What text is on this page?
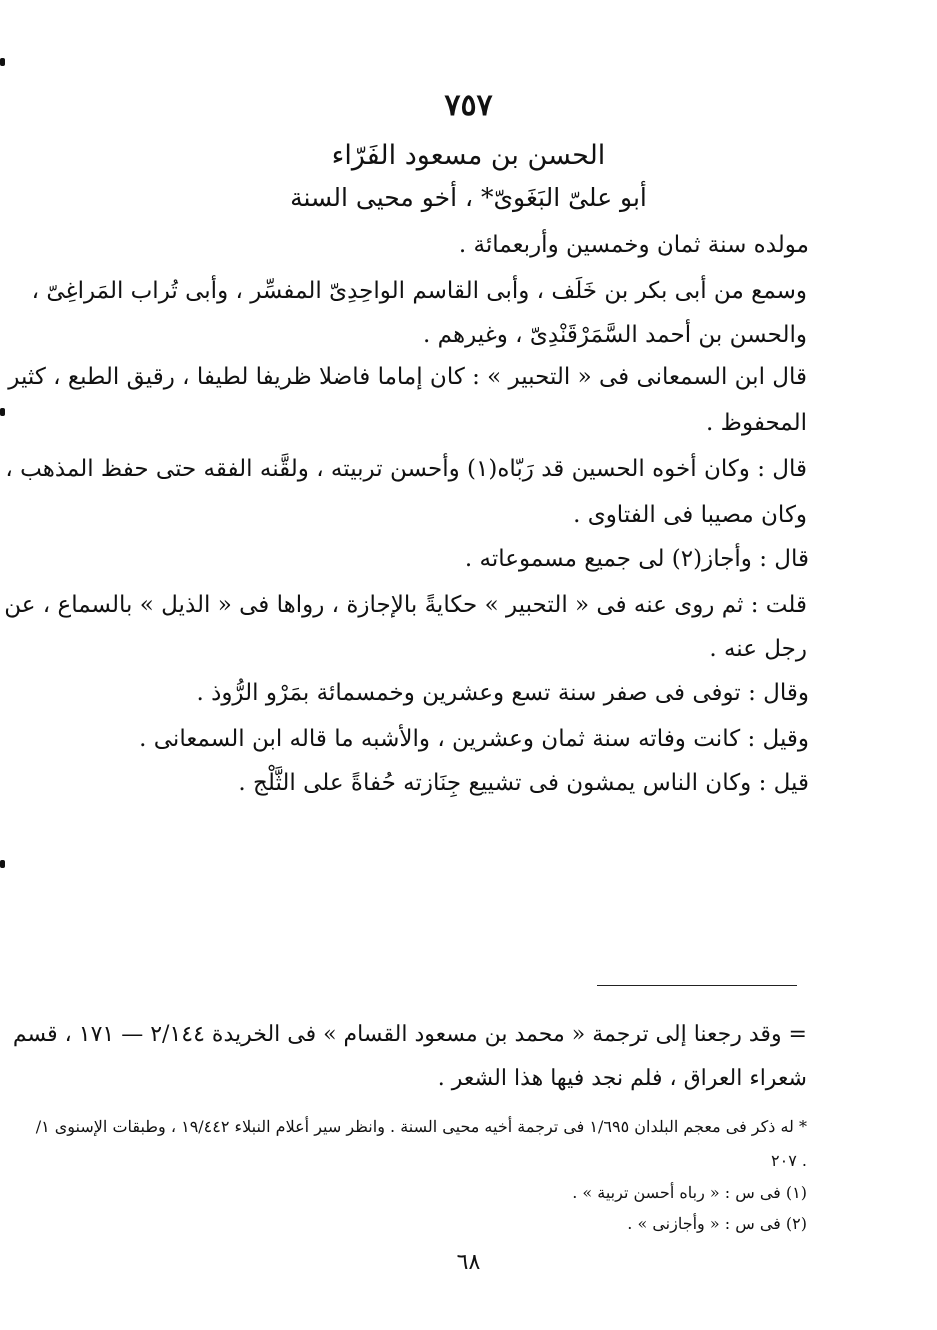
٧٥٧
الحسن بن مسعود الفَرّاء
أبو علىّ البَغَوىّ* ، أخو محيى السنة
مولده سنة ثمان وخمسين وأربعمائة .
وسمع من أبى بكر بن خَلَف ، وأبى القاسم الواحِدِىّ المفسِّر ، وأبى تُراب المَراغِىّ ،
والحسن بن أحمد السَّمَرْقَنْدِىّ ، وغيرهم .
قال ابن السمعانى فى « التحبير » : كان إماما فاضلا ظريفا لطيفا ، رقيق الطبع ، كثير
المحفوظ .
قال : وكان أخوه الحسين قد رَبّاه(١) وأحسن تربيته ، ولقَّنه الفقه حتى حفظ المذهب ،
وكان مصيبا فى الفتاوى .
قال : وأجاز(٢) لى جميع مسموعاته .
قلت : ثم روى عنه فى « التحبير » حكايةً بالإجازة ، رواها فى « الذيل » بالسماع ، عن
رجل عنه .
وقال : توفى فى صفر سنة تسع وعشرين وخمسمائة بمَرْو الرُّوذ .
وقيل : كانت وفاته سنة ثمان وعشرين ، والأشبه ما قاله ابن السمعانى .
قيل : وكان الناس يمشون فى تشييع جِنَازته حُفاةً على الثَّلْج .
= وقد رجعنا إلى ترجمة « محمد بن مسعود القسام » فى الخريدة ٢/١٤٤ — ١٧١ ، قسم
شعراء العراق ، فلم نجد فيها هذا الشعر .
* له ذكر فى معجم البلدان ١/٦٩٥ فى ترجمة أخيه محيى السنة . وانظر سير أعلام النبلاء ١٩/٤٤٢ ، وطبقات الإسنوى ١/
٢٠٧ .
(١) فى س : « رباه أحسن تربية » .
(٢) فى س : « وأجازنى » .
٦٨
